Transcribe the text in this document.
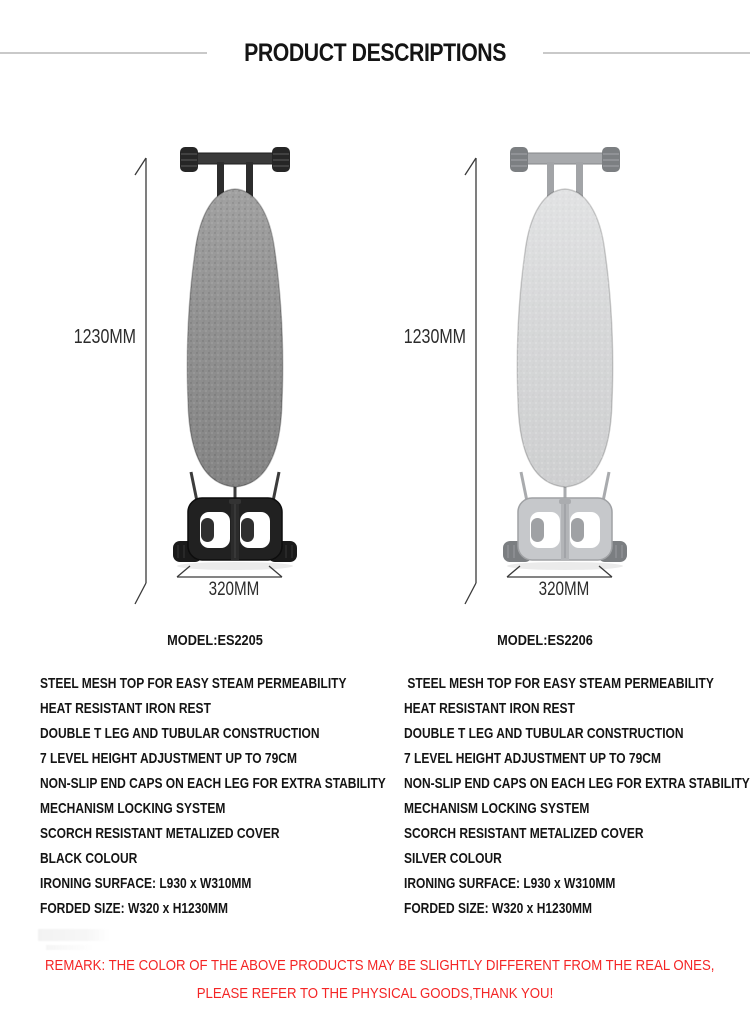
PRODUCT DESCRIPTIONS
1230MM
320MM
1230MM
320MM
MODEL:ES2205	MODEL:ES2206
STEEL MESH TOP FOR EASY STEAM PERMEABILITY
HEAT RESISTANT IRON REST
DOUBLE T LEG AND TUBULAR CONSTRUCTION
7 LEVEL HEIGHT ADJUSTMENT UP TO 79CM
NON-SLIP END CAPS ON EACH LEG FOR EXTRA STABILITY
MECHANISM LOCKING SYSTEM
SCORCH RESISTANT METALIZED COVER
BLACK COLOUR
IRONING SURFACE: L930 x W310MM
FORDED SIZE: W320 x H1230MM
STEEL MESH TOP FOR EASY STEAM PERMEABILITY
HEAT RESISTANT IRON REST
DOUBLE T LEG AND TUBULAR CONSTRUCTION
7 LEVEL HEIGHT ADJUSTMENT UP TO 79CM
NON-SLIP END CAPS ON EACH LEG FOR EXTRA STABILITY
MECHANISM LOCKING SYSTEM
SCORCH RESISTANT METALIZED COVER
SILVER COLOUR
IRONING SURFACE: L930 x W310MM
FORDED SIZE: W320 x H1230MM
REMARK: THE COLOR OF THE ABOVE PRODUCTS MAY BE SLIGHTLY DIFFERENT FROM THE REAL ONES,
PLEASE REFER TO THE PHYSICAL GOODS,THANK YOU!
